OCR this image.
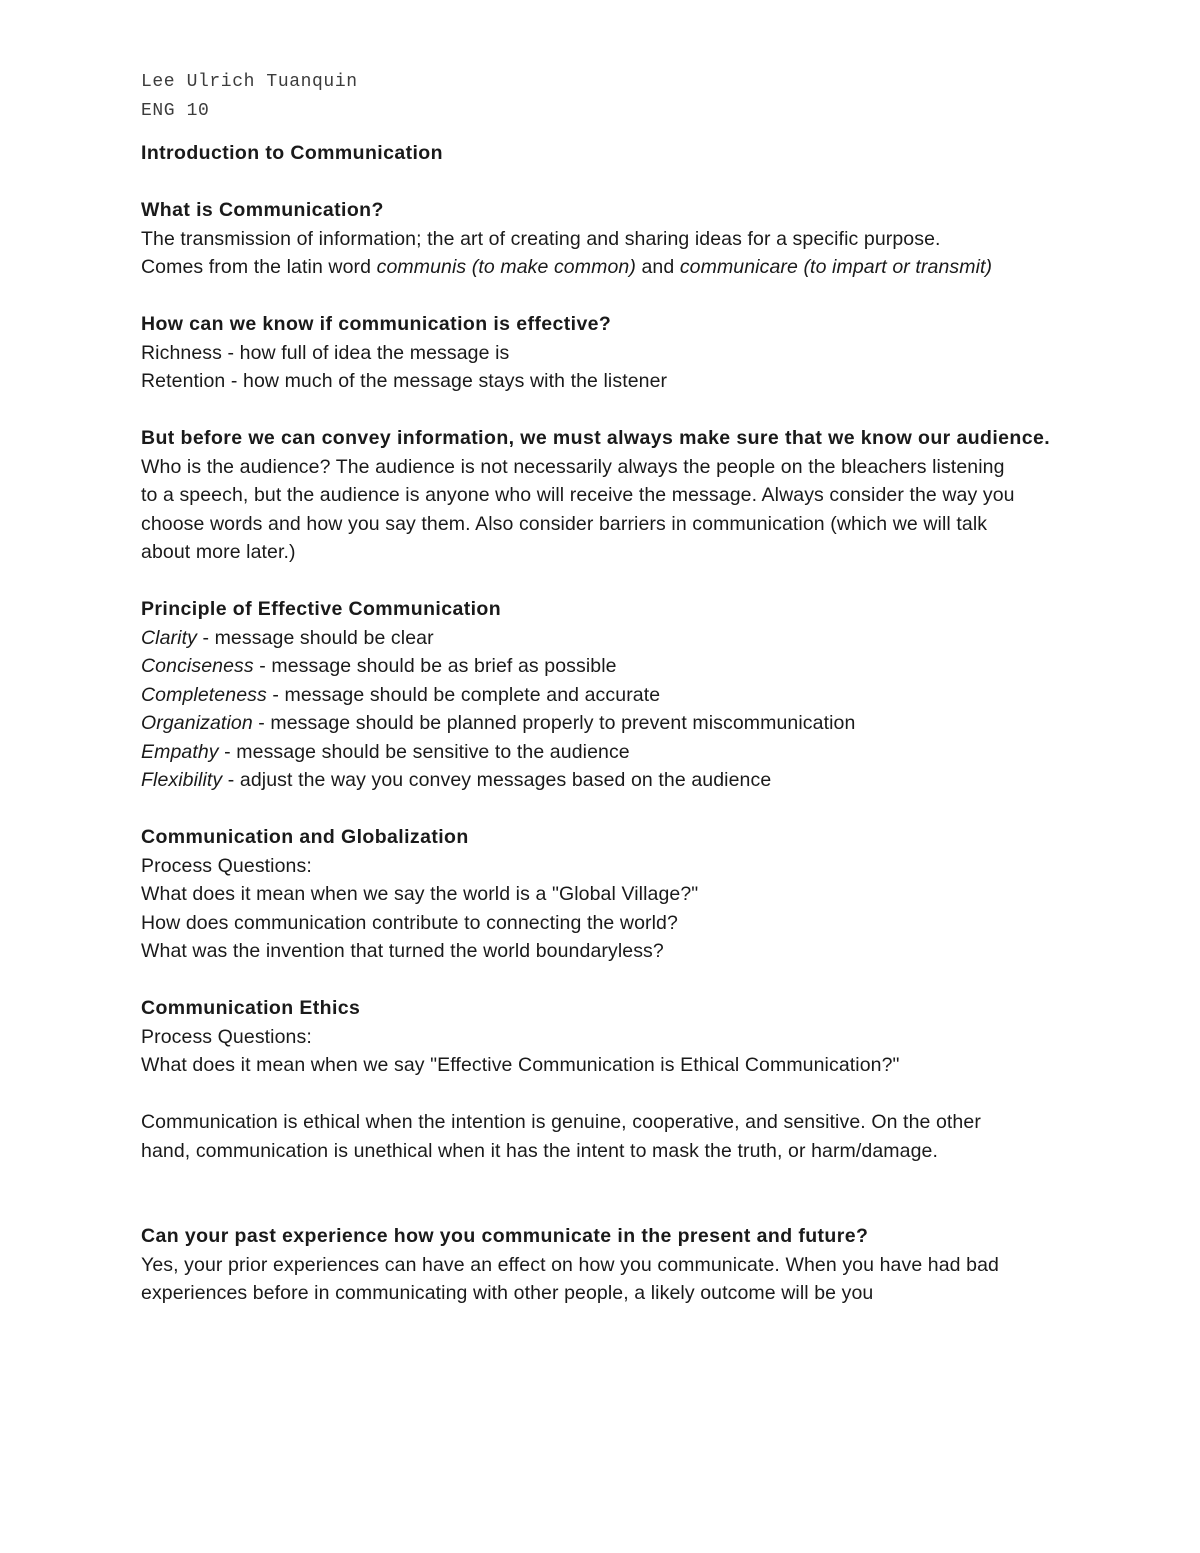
Lee Ulrich Tuanquin
ENG 10
Introduction to Communication
What is Communication?
The transmission of information; the art of creating and sharing ideas for a specific purpose.
Comes from the latin word communis (to make common) and communicare (to impart or transmit)
How can we know if communication is effective?
Richness - how full of idea the message is
Retention - how much of the message stays with the listener
But before we can convey information, we must always make sure that we know our audience.
Who is the audience? The audience is not necessarily always the people on the bleachers listening to a speech, but the audience is anyone who will receive the message. Always consider the way you choose words and how you say them. Also consider barriers in communication (which we will talk about more later.)
Principle of Effective Communication
Clarity - message should be clear
Conciseness - message should be as brief as possible
Completeness - message should be complete and accurate
Organization - message should be planned properly to prevent miscommunication
Empathy - message should be sensitive to the audience
Flexibility - adjust the way you convey messages based on the audience
Communication and Globalization
Process Questions:
What does it mean when we say the world is a "Global Village?"
How does communication contribute to connecting the world?
What was the invention that turned the world boundaryless?
Communication Ethics
Process Questions:
What does it mean when we say "Effective Communication is Ethical Communication?"
Communication is ethical when the intention is genuine, cooperative, and sensitive. On the other hand, communication is unethical when it has the intent to mask the truth, or harm/damage.
Can your past experience how you communicate in the present and future?
Yes, your prior experiences can have an effect on how you communicate. When you have had bad experiences before in communicating with other people, a likely outcome will be you
